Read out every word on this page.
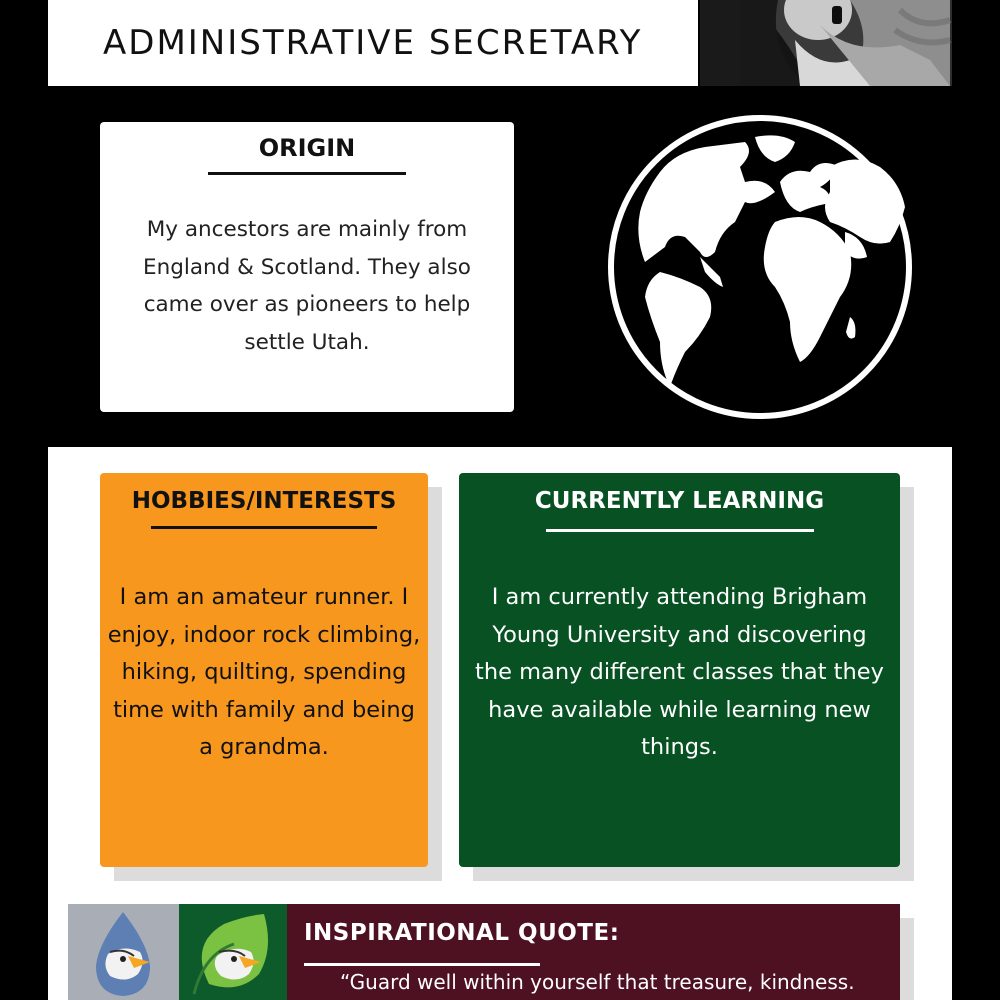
ADMINISTRATIVE SECRETARY
ORIGIN

My ancestors are mainly from England & Scotland. They also came over as pioneers to help settle Utah.

HOBBIES/INTERESTS

I am an amateur runner. I enjoy, indoor rock climbing, hiking, quilting, spending time with family and being a grandma.

CURRENTLY LEARNING

I am currently attending Brigham Young University and discovering the many different classes that they have available while learning new things.

INSPIRATIONAL QUOTE:
“Guard well within yourself that treasure, kindness.
